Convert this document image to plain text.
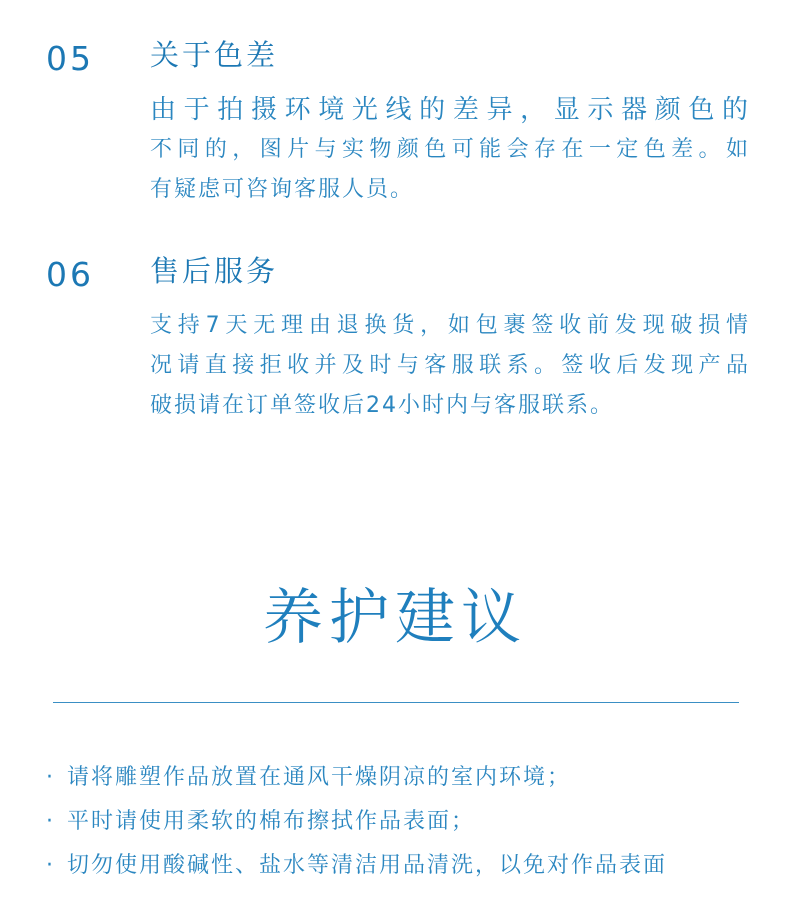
05 关于色差
由于拍摄环境光线的差异，显示器颜色的
不同的，图片与实物颜色可能会存在一定色差。如
有疑虑可咨询客服人员。
06 售后服务
支持7天无理由退换货，如包裹签收前发现破损情
况请直接拒收并及时与客服联系。签收后发现产品
破损请在订单签收后24小时内与客服联系。
养护建议
· 请将雕塑作品放置在通风干燥阴凉的室内环境；
· 平时请使用柔软的棉布擦拭作品表面；
· 切勿使用酸碱性、盐水等清洁用品清洗，以免对作品表面
